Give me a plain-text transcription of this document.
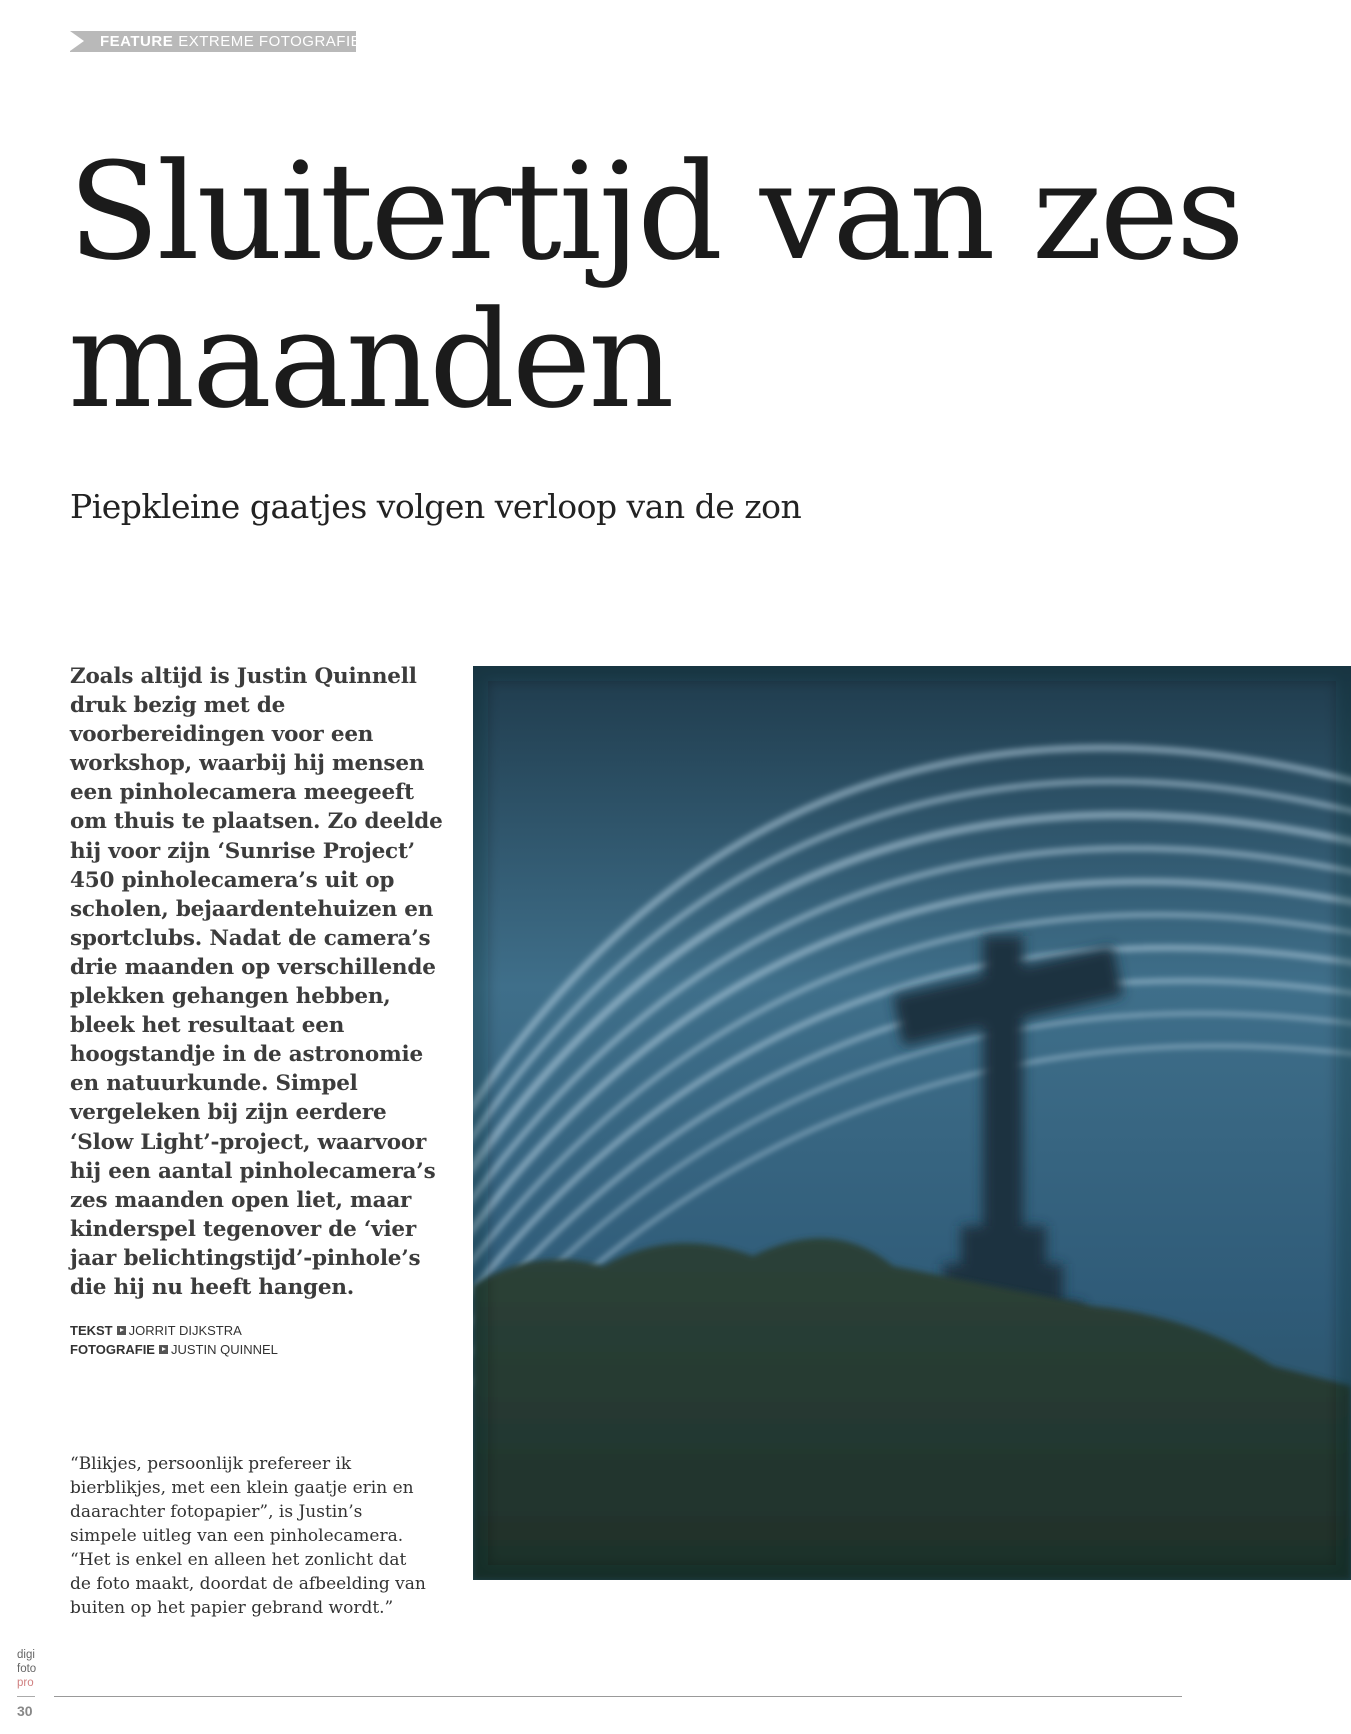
FEATURE EXTREME FOTOGRAFIE
Sluitertijd van zes maanden
Piepkleine gaatjes volgen verloop van de zon

Zoals altijd is Justin Quinnell druk bezig met de voorbereidingen voor een workshop, waarbij hij mensen een pinholecamera meegeeft om thuis te plaatsen. Zo deelde hij voor zijn ‘Sunrise Project’ 450 pinholecamera’s uit op scholen, bejaardentehuizen en sportclubs. Nadat de camera’s drie maanden op verschillende plekken gehangen hebben, bleek het resultaat een hoogstandje in de astronomie en natuurkunde. Simpel vergeleken bij zijn eerdere ‘Slow Light’-project, waarvoor hij een aantal pinholecamera’s zes maanden open liet, maar kinderspel tegenover de ‘vier jaar belichtingstijd’-pinhole’s die hij nu heeft hangen.

TEKST JORRIT DIJKSTRA
FOTOGRAFIE JUSTIN QUINNEL

“Blikjes, persoonlijk prefereer ik bierblikjes, met een klein gaatje erin en daarachter fotopapier”, is Justin’s simpele uitleg van een pinholecamera. “Het is enkel en alleen het zonlicht dat de foto maakt, doordat de afbeelding van buiten op het papier gebrand wordt.”

digi
foto
pro
30
